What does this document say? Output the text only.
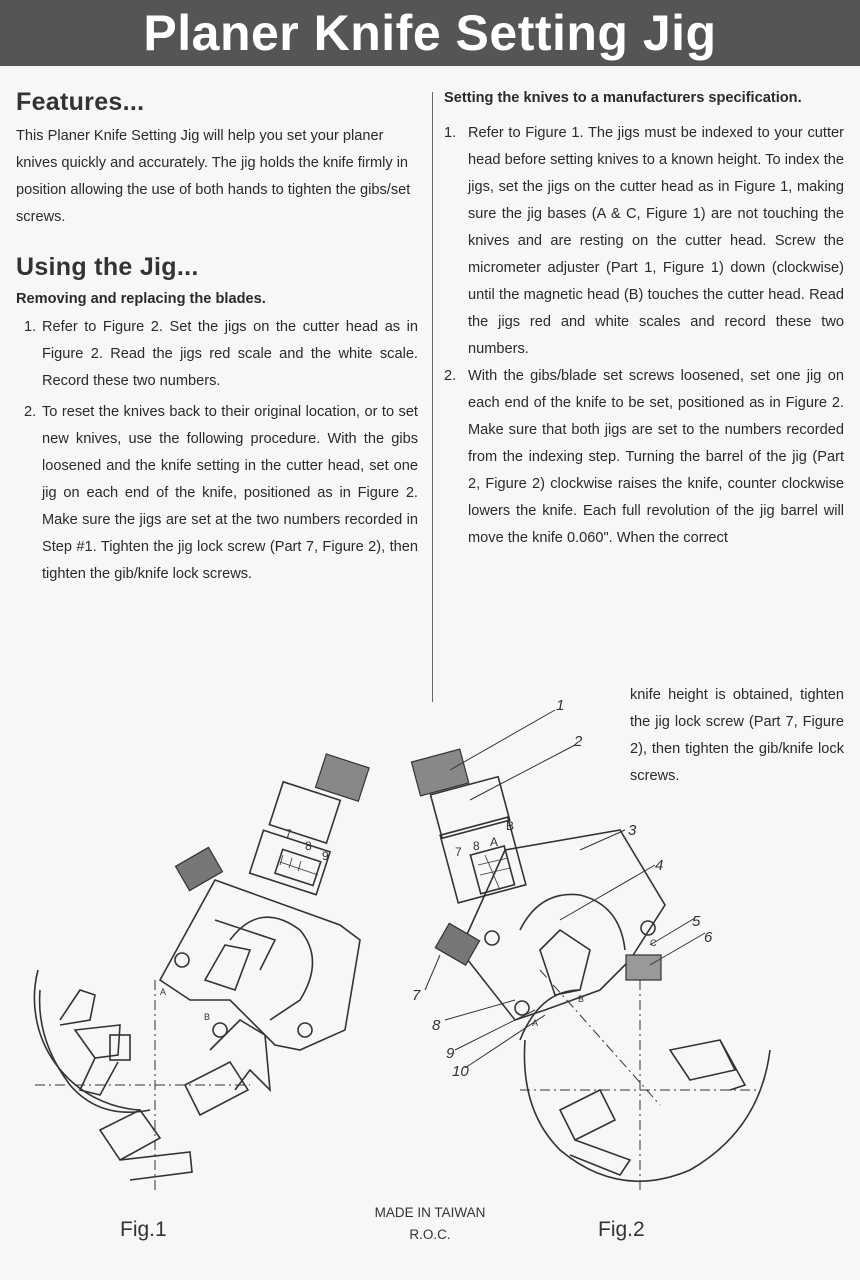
Planer Knife Setting Jig
Features...

This Planer Knife Setting Jig will help you set your planer knives quickly and accurately. The jig holds the knife firmly in position allowing the use of both hands to tighten the gibs/set screws.

Using the Jig...

Removing and replacing the blades.

1. Refer to Figure 2. Set the jigs on the cutter head as in Figure 2. Read the jigs red scale and the white scale. Record these two numbers.
2. To reset the knives back to their original location, or to set new knives, use the following procedure. With the gibs loosened and the knife setting in the cutter head, set one jig on each end of the knife, positioned as in Figure 2. Make sure the jigs are set at the two numbers recorded in Step #1. Tighten the jig lock screw (Part 7, Figure 2), then tighten the gib/knife lock screws.

Setting the knives to a manufacturers specification.

1. Refer to Figure 1. The jigs must be indexed to your cutter head before setting knives to a known height. To index the jigs, set the jigs on the cutter head as in Figure 1, making sure the jig bases (A & C, Figure 1) are not touching the knives and are resting on the cutter head. Screw the micrometer adjuster (Part 1, Figure 1) down (clockwise) until the magnetic head (B) touches the cutter head. Read the jigs red and white scales and record these two numbers.
2. With the gibs/blade set screws loosened, set one jig on each end of the knife to be set, positioned as in Figure 2. Make sure that both jigs are set to the numbers recorded from the indexing step. Turning the barrel of the jig (Part 2, Figure 2) clockwise raises the knife, counter clockwise lowers the knife. Each full revolution of the jig barrel will move the knife 0.060". When the correct
knife height is obtained, tighten the jig lock screw (Part 7, Figure 2), then tighten the gib/knife lock screws.
A
B
7
8
9
A
B
C
7 8 A
B
1
2
3
4
5
6
7
8
9
10
Fig.1	Fig.2
MADE IN TAIWAN
R.O.C.
